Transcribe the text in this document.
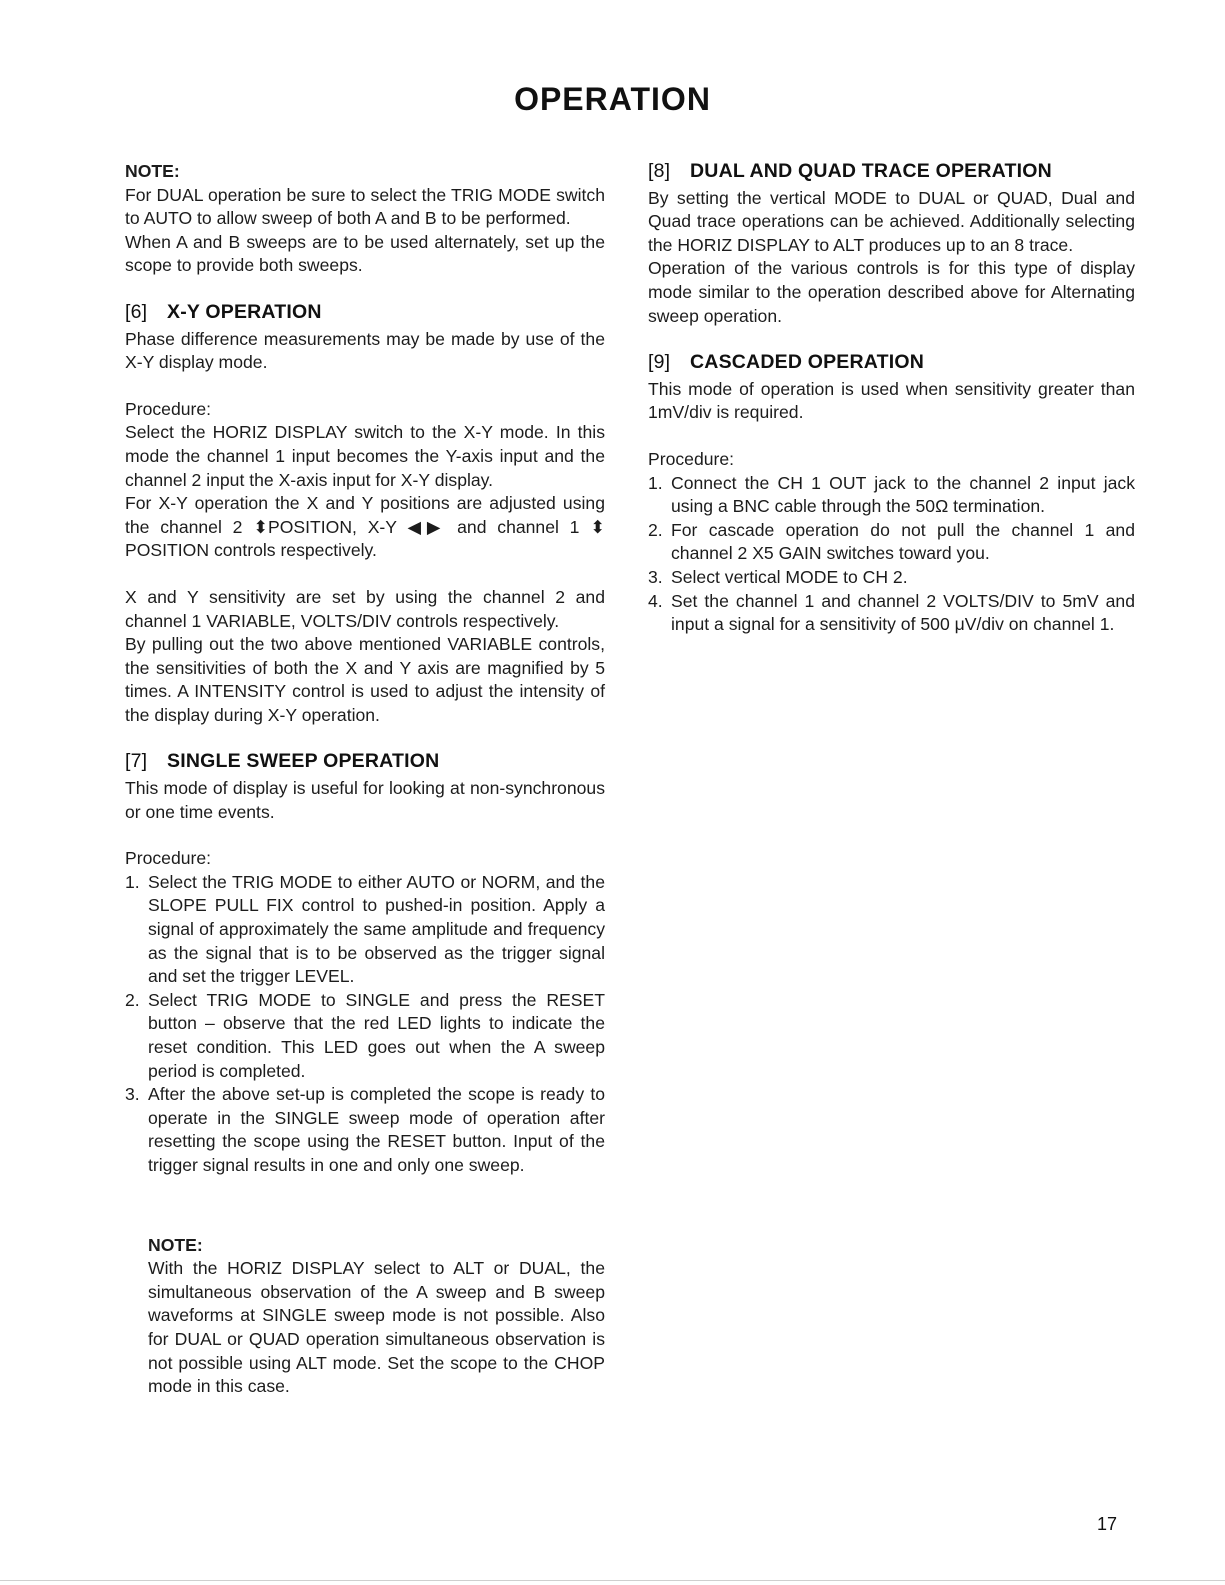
OPERATION

NOTE:

For DUAL operation be sure to select the TRIG MODE switch to AUTO to allow sweep of both A and B to be performed.

When A and B sweeps are to be used alternately, set up the scope to provide both sweeps.

[6] X-Y OPERATION

Phase difference measurements may be made by use of the X-Y display mode.

Procedure:

Select the HORIZ DISPLAY switch to the X-Y mode. In this mode the channel 1 input becomes the Y-axis input and the channel 2 input the X-axis input for X-Y display.

For X-Y operation the X and Y positions are adjusted using the channel 2 ⬍POSITION, X-Y ◀▶ and channel 1 ⬍ POSITION controls respectively.

X and Y sensitivity are set by using the channel 2 and channel 1 VARIABLE, VOLTS/DIV controls respectively.

By pulling out the two above mentioned VARIABLE controls, the sensitivities of both the X and Y axis are magnified by 5 times. A INTENSITY control is used to adjust the intensity of the display during X-Y operation.

[7] SINGLE SWEEP OPERATION

This mode of display is useful for looking at non-synchronous or one time events.

Procedure:

1. Select the TRIG MODE to either AUTO or NORM, and the SLOPE PULL FIX control to pushed-in position. Apply a signal of approximately the same amplitude and frequency as the signal that is to be observed as the trigger signal and set the trigger LEVEL.
2. Select TRIG MODE to SINGLE and press the RESET button – observe that the red LED lights to indicate the reset condition. This LED goes out when the A sweep period is completed.
3. After the above set-up is completed the scope is ready to operate in the SINGLE sweep mode of operation after resetting the scope using the RESET button. Input of the trigger signal results in one and only one sweep.

NOTE:

With the HORIZ DISPLAY select to ALT or DUAL, the simultaneous observation of the A sweep and B sweep waveforms at SINGLE sweep mode is not possible. Also for DUAL or QUAD operation simultaneous observation is not possible using ALT mode. Set the scope to the CHOP mode in this case.

[8] DUAL AND QUAD TRACE OPERATION

By setting the vertical MODE to DUAL or QUAD, Dual and Quad trace operations can be achieved. Additionally selecting the HORIZ DISPLAY to ALT produces up to an 8 trace.

Operation of the various controls is for this type of display mode similar to the operation described above for Alternating sweep operation.

[9] CASCADED OPERATION

This mode of operation is used when sensitivity greater than 1mV/div is required.

Procedure:

1. Connect the CH 1 OUT jack to the channel 2 input jack using a BNC cable through the 50Ω termination.
2. For cascade operation do not pull the channel 1 and channel 2 X5 GAIN switches toward you.
3. Select vertical MODE to CH 2.
4. Set the channel 1 and channel 2 VOLTS/DIV to 5mV and input a signal for a sensitivity of 500 μV/div on channel 1.
17
